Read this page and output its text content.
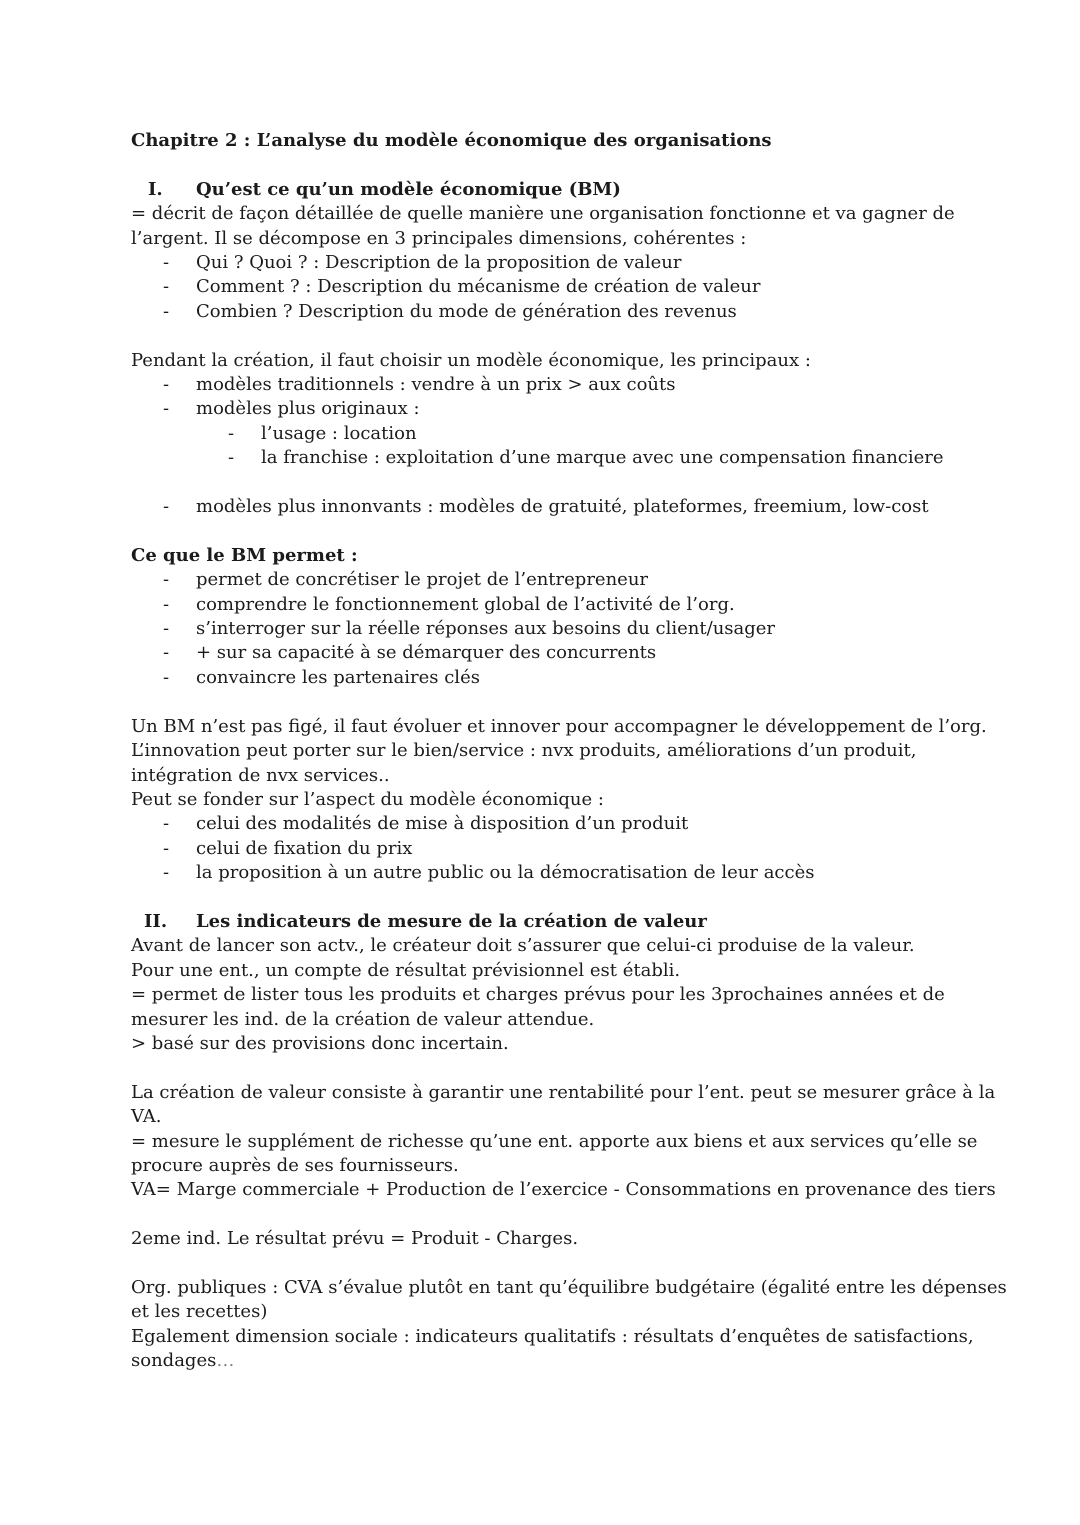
Chapitre 2 : L’analyse du modèle économique des organisations
I. Qu’est ce qu’un modèle économique (BM)
= décrit de façon détaillée de quelle manière une organisation fonctionne et va gagner de
l’argent. Il se décompose en 3 principales dimensions, cohérentes :
- Qui ? Quoi ? : Description de la proposition de valeur
- Comment ? : Description du mécanisme de création de valeur
- Combien ? Description du mode de génération des revenus
Pendant la création, il faut choisir un modèle économique, les principaux :
- modèles traditionnels : vendre à un prix > aux coûts
- modèles plus originaux :
- l’usage : location
- la franchise : exploitation d’une marque avec une compensation financiere
- modèles plus innonvants : modèles de gratuité, plateformes, freemium, low-cost
Ce que le BM permet :
- permet de concrétiser le projet de l’entrepreneur
- comprendre le fonctionnement global de l’activité de l’org.
- s’interroger sur la réelle réponses aux besoins du client/usager
- + sur sa capacité à se démarquer des concurrents
- convaincre les partenaires clés
Un BM n’est pas figé, il faut évoluer et innover pour accompagner le développement de l’org.
L’innovation peut porter sur le bien/service : nvx produits, améliorations d’un produit,
intégration de nvx services..
Peut se fonder sur l’aspect du modèle économique :
- celui des modalités de mise à disposition d’un produit
- celui de fixation du prix
- la proposition à un autre public ou la démocratisation de leur accès
II. Les indicateurs de mesure de la création de valeur
Avant de lancer son actv., le créateur doit s’assurer que celui-ci produise de la valeur.
Pour une ent., un compte de résultat prévisionnel est établi.
= permet de lister tous les produits et charges prévus pour les 3prochaines années et de
mesurer les ind. de la création de valeur attendue.
> basé sur des provisions donc incertain.
La création de valeur consiste à garantir une rentabilité pour l’ent. peut se mesurer grâce à la
VA.
= mesure le supplément de richesse qu’une ent. apporte aux biens et aux services qu’elle se
procure auprès de ses fournisseurs.
VA= Marge commerciale + Production de l’exercice - Consommations en provenance des tiers
2eme ind. Le résultat prévu = Produit - Charges.
Org. publiques : CVA s’évalue plutôt en tant qu’équilibre budgétaire (égalité entre les dépenses
et les recettes)
Egalement dimension sociale : indicateurs qualitatifs : résultats d’enquêtes de satisfactions,
sondages…
